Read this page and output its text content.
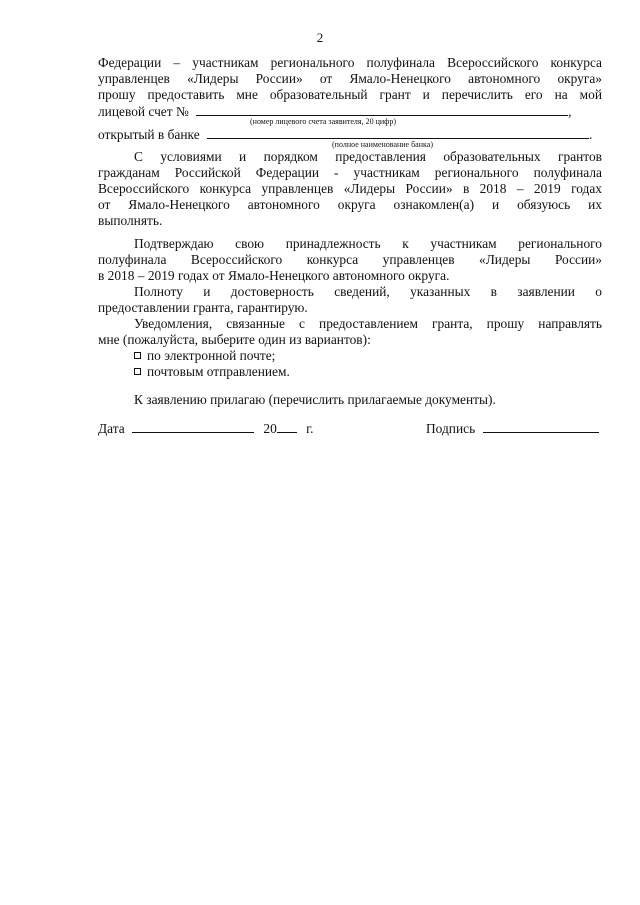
2
Федерации – участникам регионального полуфинала Всероссийского конкурса
управленцев «Лидеры России» от Ямало-Ненецкого автономного округа»
прошу предоставить мне образовательный грант и перечислить его на мой
лицевой счет №	,
(номер лицевого счета заявителя, 20 цифр)
открытый в банке	.
(полное наименование банка)
С условиями и порядком предоставления образовательных грантов
гражданам Российской Федерации - участникам регионального полуфинала
Всероссийского конкурса управленцев «Лидеры России» в 2018 – 2019 годах
от Ямало-Ненецкого автономного округа ознакомлен(а) и обязуюсь их
выполнять.
Подтверждаю свою принадлежность к участникам регионального
полуфинала Всероссийского конкурса управленцев «Лидеры России»
в 2018 – 2019 годах от Ямало-Ненецкого автономного округа.
Полноту и достоверность сведений, указанных в заявлении о
предоставлении гранта, гарантирую.
Уведомления, связанные с предоставлением гранта, прошу направлять
мне (пожалуйста, выберите один из вариантов):
по электронной почте;
почтовым отправлением.
К заявлению прилагаю (перечислить прилагаемые документы).
Дата	20 г.	Подпись
